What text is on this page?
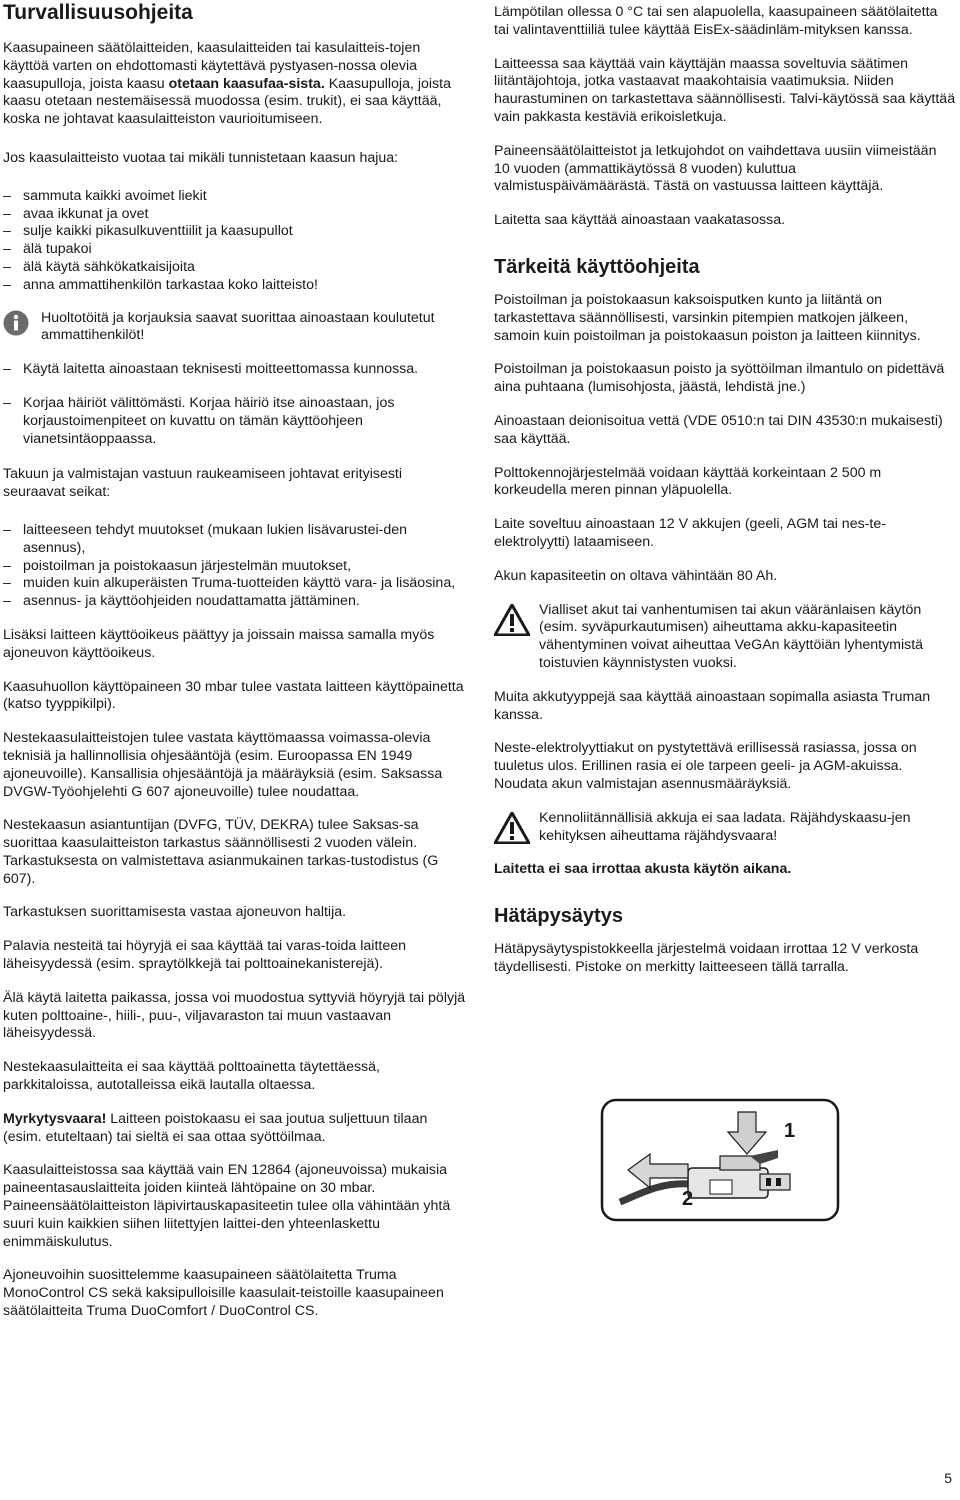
Turvallisuusohjeita

Kaasupaineen säätölaitteiden, kaasulaitteiden tai kasulaitteis-tojen käyttöä varten on ehdottomasti käytettävä pystyasen-nossa olevia kaasupulloja, joista kaasu otetaan kaasufaa-sista. Kaasupulloja, joista kaasu otetaan nestemäisessä muodossa (esim. trukit), ei saa käyttää, koska ne johtavat kaasulaitteiston vaurioitumiseen.

Jos kaasulaitteisto vuotaa tai mikäli tunnistetaan kaasun hajua:

– sammuta kaikki avoimet liekit
– avaa ikkunat ja ovet
– sulje kaikki pikasulkuventtiilit ja kaasupullot
– älä tupakoi
– älä käytä sähkökatkaisijoita
– anna ammattihenkilön tarkastaa koko laitteisto!

Huoltotöitä ja korjauksia saavat suorittaa ainoastaan koulutetut ammattihenkilöt!

– Käytä laitetta ainoastaan teknisesti moitteettomassa kunnossa.
– Korjaa häiriöt välittömästi. Korjaa häiriö itse ainoastaan, jos korjaustoimenpiteet on kuvattu on tämän käyttöohjeen vianetsintäoppaassa.

Takuun ja valmistajan vastuun raukeamiseen johtavat erityisesti seuraavat seikat:

– laitteeseen tehdyt muutokset (mukaan lukien lisävarustei-den asennus),
– poistoilman ja poistokaasun järjestelmän muutokset,
– muiden kuin alkuperäisten Truma-tuotteiden käyttö vara- ja lisäosina,
– asennus- ja käyttöohjeiden noudattamatta jättäminen.

Lisäksi laitteen käyttöoikeus päättyy ja joissain maissa samalla myös ajoneuvon käyttöoikeus.

Kaasuhuollon käyttöpaineen 30 mbar tulee vastata laitteen käyttöpainetta (katso tyyppikilpi).

Nestekaasulaitteistojen tulee vastata käyttömaassa voimassa-olevia teknisiä ja hallinnollisia ohjesääntöjä (esim. Euroopassa EN 1949 ajoneuvoille). Kansallisia ohjesääntöjä ja määräyksiä (esim. Saksassa DVGW-Työohjelehti G 607 ajoneuvoille) tulee noudattaa.

Nestekaasun asiantuntijan (DVFG, TÜV, DEKRA) tulee Saksas-sa suorittaa kaasulaitteiston tarkastus säännöllisesti 2 vuoden välein. Tarkastuksesta on valmistettava asianmukainen tarkas-tustodistus (G 607).

Tarkastuksen suorittamisesta vastaa ajoneuvon haltija.

Palavia nesteitä tai höyryjä ei saa käyttää tai varas-toida laitteen läheisyydessä (esim. spraytölkkejä tai polttoainekanisterejä).

Älä käytä laitetta paikassa, jossa voi muodostua syttyviä höyryjä tai pölyjä kuten polttoaine-, hiili-, puu-, viljavaraston tai muun vastaavan läheisyydessä.

Nestekaasulaitteita ei saa käyttää polttoainetta täytettäessä, parkkitaloissa, autotalleissa eikä lautalla oltaessa.

Myrkytysvaara! Laitteen poistokaasu ei saa joutua suljettuun tilaan (esim. etuteltaan) tai sieltä ei saa ottaa syöttöilmaa.

Kaasulaitteistossa saa käyttää vain EN 12864 (ajoneuvoissa) mukaisia paineentasauslaitteita joiden kiinteä lähtöpaine on 30 mbar. Paineensäätölaitteiston läpivirtauskapasiteetin tulee olla vähintään yhtä suuri kuin kaikkien siihen liitettyjen laittei-den yhteenlaskettu enimmäiskulutus.

Ajoneuvoihin suosittelemme kaasupaineen säätölaitetta Truma MonoControl CS sekä kaksipulloisille kaasulait-teistoille kaasupaineen säätölaitteita Truma DuoComfort / DuoControl CS.

Lämpötilan ollessa 0 °C tai sen alapuolella, kaasupaineen säätölaitetta tai valintaventtiiliä tulee käyttää EisEx-säädinläm-mityksen kanssa.

Laitteessa saa käyttää vain käyttäjän maassa soveltuvia säätimen liitäntäjohtoja, jotka vastaavat maakohtaisia vaatimuksia. Niiden haurastuminen on tarkastettava säännöllisesti. Talvi-käytössä saa käyttää vain pakkasta kestäviä erikoisletkuja.

Paineensäätölaitteistot ja letkujohdot on vaihdettava uusiin viimeistään 10 vuoden (ammattikäytössä 8 vuoden) kuluttua valmistuspäivämäärästä. Tästä on vastuussa laitteen käyttäjä.

Laitetta saa käyttää ainoastaan vaakatasossa.

Tärkeitä käyttöohjeita

Poistoilman ja poistokaasun kaksoisputken kunto ja liitäntä on tarkastettava säännöllisesti, varsinkin pitempien matkojen jälkeen, samoin kuin poistoilman ja poistokaasun poiston ja laitteen kiinnitys.

Poistoilman ja poistokaasun poisto ja syöttöilman ilmantulo on pidettävä aina puhtaana (lumisohjosta, jäästä, lehdistä jne.)

Ainoastaan deionisoitua vettä (VDE 0510:n tai DIN 43530:n mukaisesti) saa käyttää.

Polttokennojärjestelmää voidaan käyttää korkeintaan 2 500 m korkeudella meren pinnan yläpuolella.

Laite soveltuu ainoastaan 12 V akkujen (geeli, AGM tai nes-te-elektrolyytti) lataamiseen.

Akun kapasiteetin on oltava vähintään 80 Ah.

Vialliset akut tai vanhentumisen tai akun vääränlaisen käytön (esim. syväpurkautumisen) aiheuttama akku-kapasiteetin vähentyminen voivat aiheuttaa VeGAn käyttöiän lyhentymistä toistuvien käynnistysten vuoksi.

Muita akkutyyppejä saa käyttää ainoastaan sopimalla asiasta Truman kanssa.

Neste-elektrolyyttiakut on pystytettävä erillisessä rasiassa, jossa on tuuletus ulos. Erillinen rasia ei ole tarpeen geeli- ja AGM-akuissa. Noudata akun valmistajan asennusmääräyksiä.

Kennoliitännällisiä akkuja ei saa ladata. Räjähdyskaasu-jen kehityksen aiheuttama räjähdysvaara!

Laitetta ei saa irrottaa akusta käytön aikana.

Hätäpysäytys

Hätäpysäytyspistokkeella järjestelmä voidaan irrottaa 12 V verkosta täydellisesti. Pistoke on merkitty laitteeseen tällä tarralla.

1
2
5
